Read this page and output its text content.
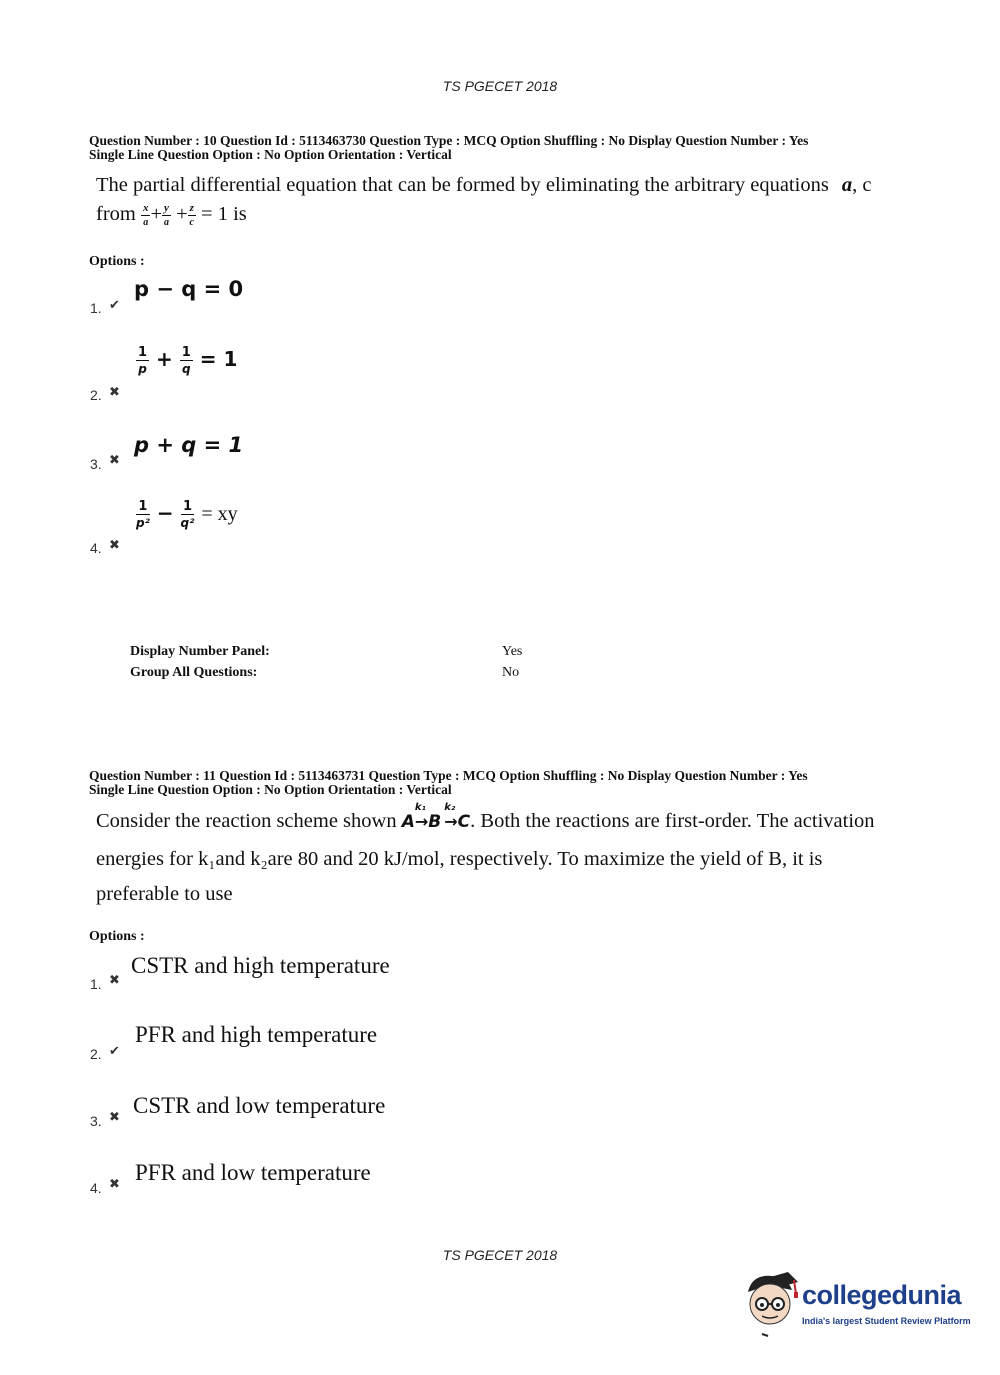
TS PGECET 2018
Question Number : 10 Question Id : 5113463730 Question Type : MCQ Option Shuffling : No Display Question Number : Yes
Single Line Question Option : No Option Orientation : Vertical
The partial differential equation that can be formed by eliminating the arbitrary equations a, c
from $\frac{x}{a} + \frac{y}{a} + \frac{z}{c} = 1$ is
Options :
1. ✔
p − q = 0
2. ✖
$\frac{1}{p} + \frac{1}{q} = 1$
3. ✖
p + q = 1
4. ✖
$\frac{1}{\text{p²}} - \frac{1}{\text{q²}}$ = xy
Display Number Panel:	Yes
Group All Questions:	No
Question Number : 11 Question Id : 5113463731 Question Type : MCQ Option Shuffling : No Display Question Number : Yes
Single Line Question Option : No Option Orientation : Vertical
Consider the reaction scheme shown A→
k₁
B →
k₂
C. Both the reactions are first-order. The activation
energies for k₁and k₂are 80 and 20 kJ/mol, respectively. To maximize the yield of B, it is
preferable to use
Options :
1. ✖
CSTR and high temperature
2. ✔
PFR and high temperature
3. ✖ CSTR and low temperature
4. ✖ PFR and low temperature
TS PGECET 2018
collegedunia
India's largest Student Review Platform
